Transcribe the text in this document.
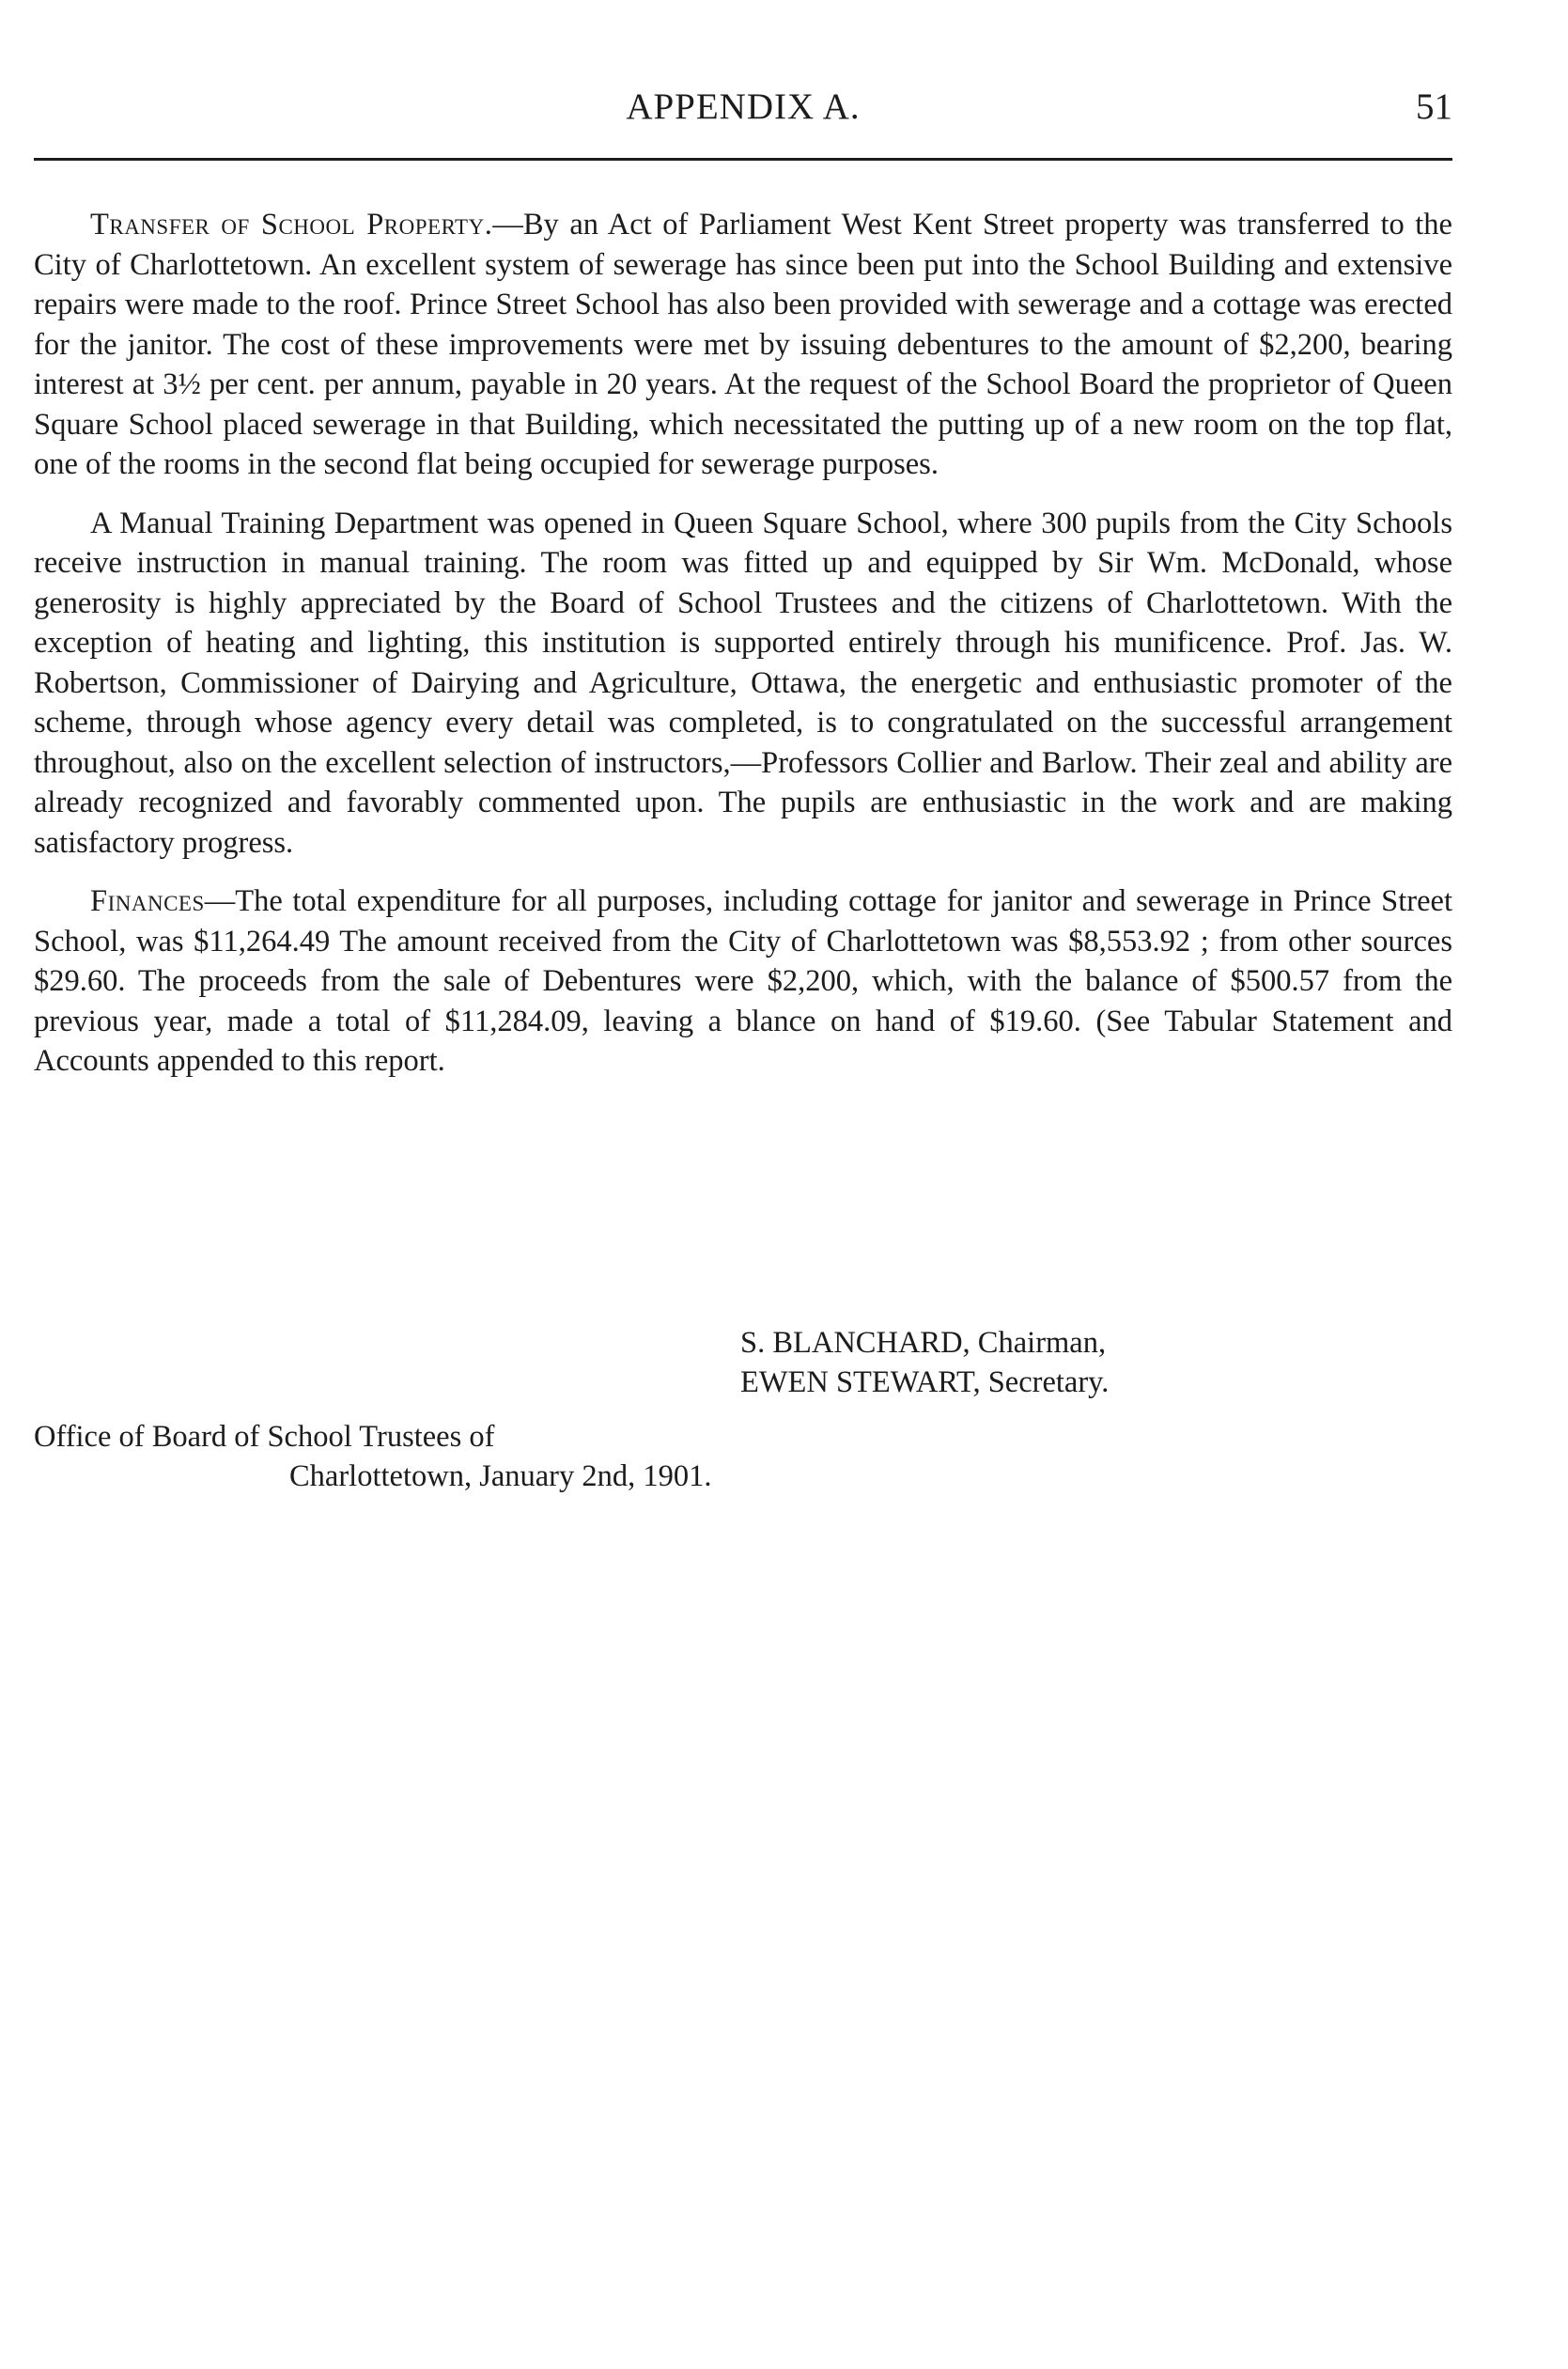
APPENDIX A.	51

Transfer of School Property.—By an Act of Parliament West Kent Street property was transferred to the City of Charlottetown. An excellent system of sewerage has since been put into the School Building and extensive repairs were made to the roof. Prince Street School has also been provided with sewerage and a cottage was erected for the janitor. The cost of these improvements were met by issuing debentures to the amount of $2,200, bearing interest at 3½ per cent. per annum, payable in 20 years. At the request of the School Board the proprietor of Queen Square School placed sewerage in that Building, which necessitated the putting up of a new room on the top flat, one of the rooms in the second flat being occupied for sewerage purposes.

A Manual Training Department was opened in Queen Square School, where 300 pupils from the City Schools receive instruction in manual training. The room was fitted up and equipped by Sir Wm. McDonald, whose generosity is highly appreciated by the Board of School Trustees and the citizens of Charlottetown. With the exception of heating and lighting, this institution is supported entirely through his munificence. Prof. Jas. W. Robertson, Commissioner of Dairying and Agriculture, Ottawa, the energetic and enthusiastic promoter of the scheme, through whose agency every detail was completed, is to congratulated on the successful arrangement throughout, also on the excellent selection of instructors,—Professors Collier and Barlow. Their zeal and ability are already recognized and favorably commented upon. The pupils are enthusiastic in the work and are making satisfactory progress.

Finances—The total expenditure for all purposes, including cottage for janitor and sewerage in Prince Street School, was $11,264.49 The amount received from the City of Charlottetown was $8,553.92 ; from other sources $29.60. The proceeds from the sale of Debentures were $2,200, which, with the balance of $500.57 from the previous year, made a total of $11,284.09, leaving a blance on hand of $19.60. (See Tabular Statement and Accounts appended to this report.

S. BLANCHARD, Chairman,
EWEN STEWART, Secretary.
Office of Board of School Trustees of
Charlottetown, January 2nd, 1901.
